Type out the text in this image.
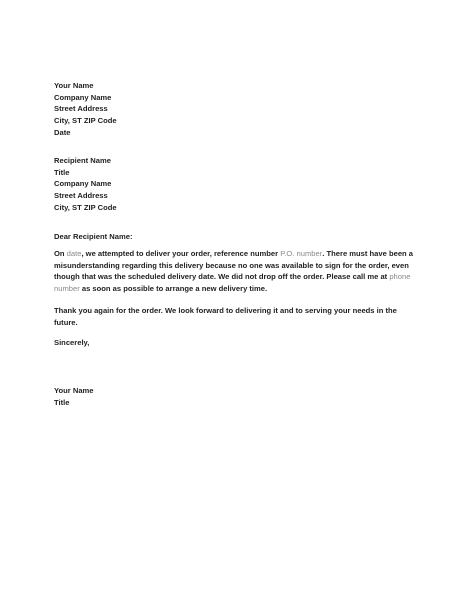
Your Name
Company Name
Street Address
City, ST ZIP Code
Date
Recipient Name
Title
Company Name
Street Address
City, ST ZIP Code
Dear Recipient Name:
On date, we attempted to deliver your order, reference number P.O. number. There must have been a misunderstanding regarding this delivery because no one was available to sign for the order, even though that was the scheduled delivery date. We did not drop off the order. Please call me at phone number as soon as possible to arrange a new delivery time.
Thank you again for the order. We look forward to delivering it and to serving your needs in the future.
Sincerely,
Your Name
Title
